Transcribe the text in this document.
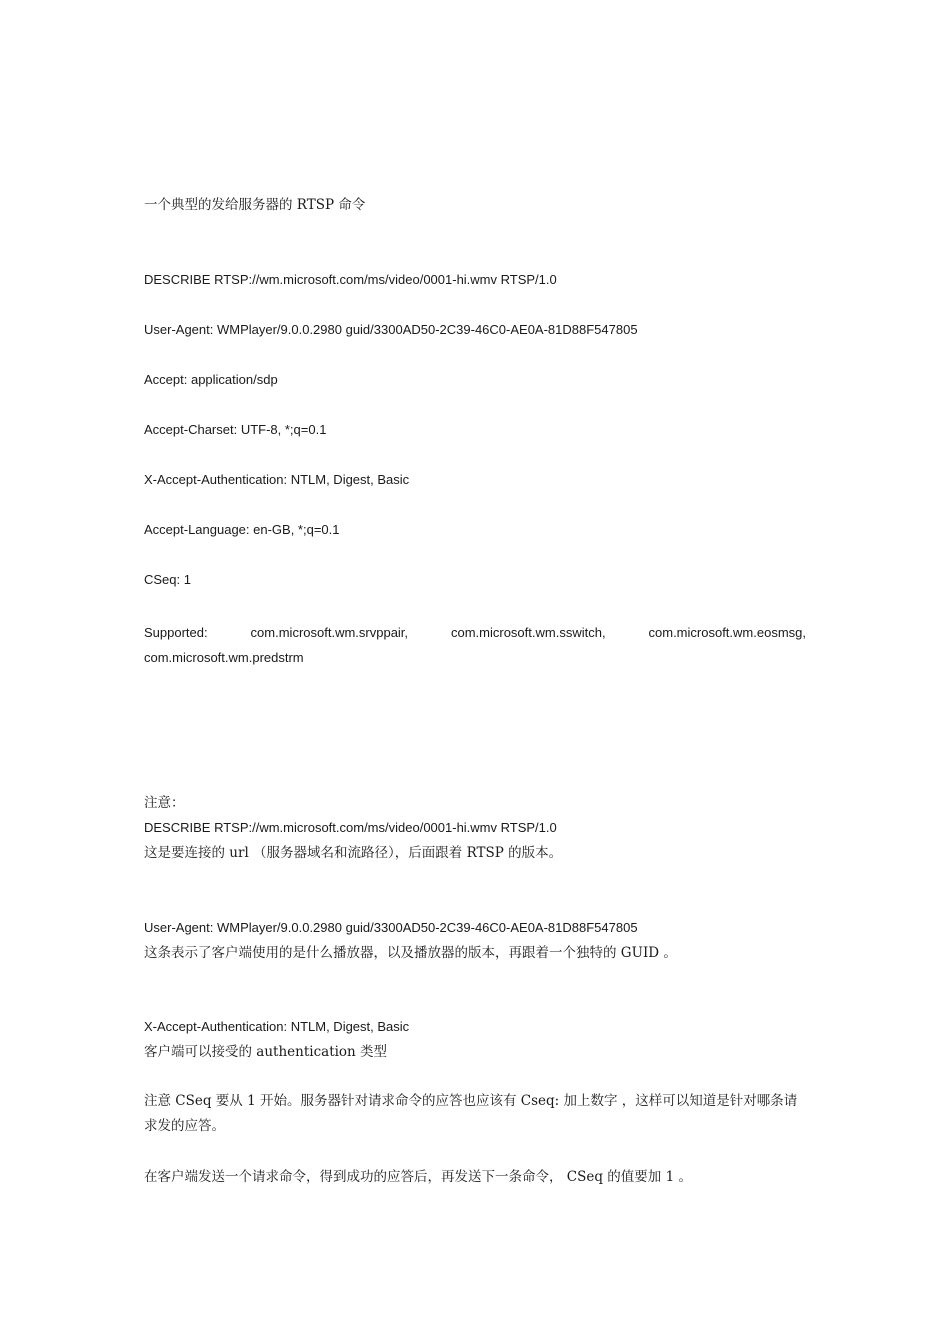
一个典型的发给服务器的 RTSP 命令
DESCRIBE RTSP://wm.microsoft.com/ms/video/0001-hi.wmv RTSP/1.0
User-Agent: WMPlayer/9.0.0.2980 guid/3300AD50-2C39-46C0-AE0A-81D88F547805
Accept: application/sdp
Accept-Charset: UTF-8, *;q=0.1
X-Accept-Authentication: NTLM, Digest, Basic
Accept-Language: en-GB, *;q=0.1
CSeq: 1
Supported: com.microsoft.wm.srvppair, com.microsoft.wm.sswitch, com.microsoft.wm.eosmsg, com.microsoft.wm.predstrm
注意：
DESCRIBE RTSP://wm.microsoft.com/ms/video/0001-hi.wmv RTSP/1.0
这是要连接的 url （服务器域名和流路径），后面跟着 RTSP 的版本。
User-Agent: WMPlayer/9.0.0.2980 guid/3300AD50-2C39-46C0-AE0A-81D88F547805
这条表示了客户端使用的是什么播放器，以及播放器的版本，再跟着一个独特的 GUID 。
X-Accept-Authentication: NTLM, Digest, Basic
客户端可以接受的 authentication 类型
注意 CSeq 要从 1 开始。服务器针对请求命令的应答也应该有 Cseq: 加上数字 ，这样可以知道是针对哪条请求发的应答。
在客户端发送一个请求命令，得到成功的应答后，再发送下一条命令， CSeq 的值要加 1 。
